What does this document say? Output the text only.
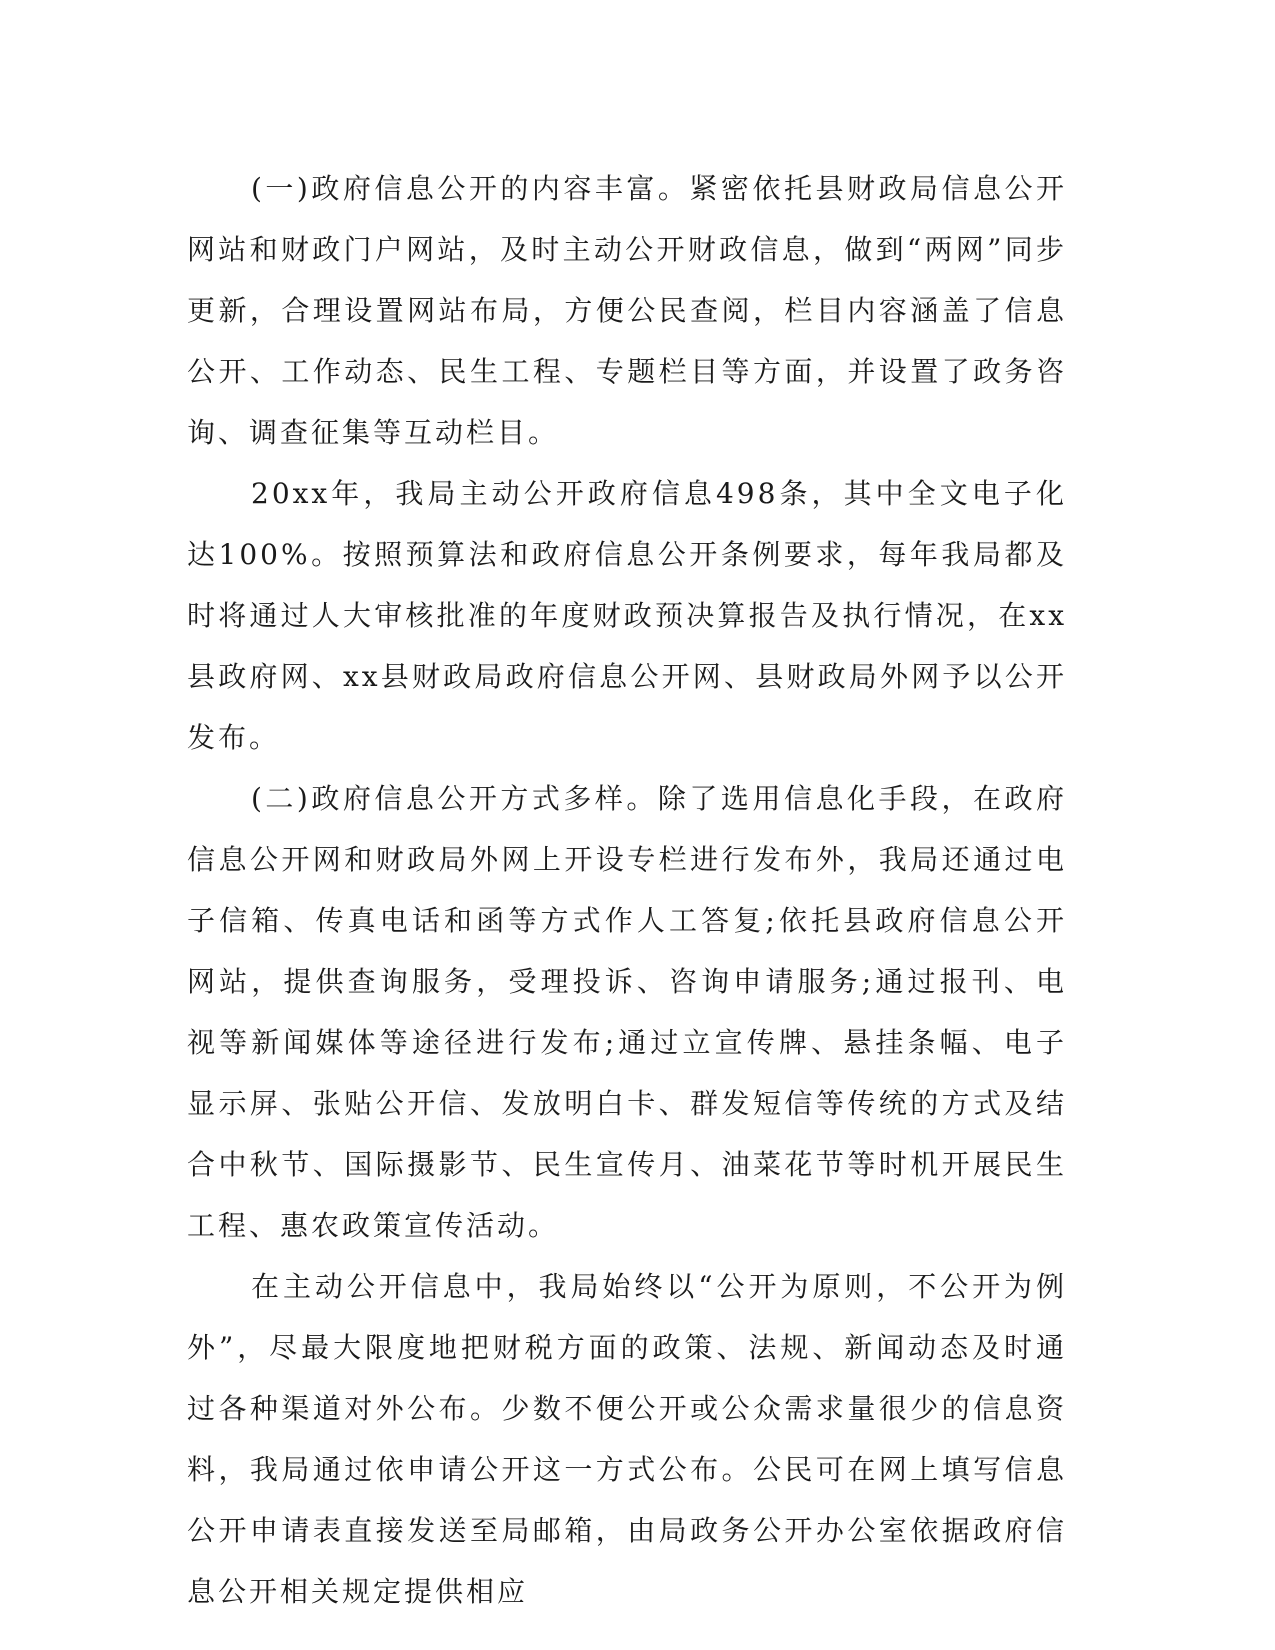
(一)政府信息公开的内容丰富。紧密依托县财政局信息公开网站和财政门户网站，及时主动公开财政信息，做到“两网”同步更新，合理设置网站布局，方便公民查阅，栏目内容涵盖了信息公开、工作动态、民生工程、专题栏目等方面，并设置了政务咨询、调查征集等互动栏目。

20xx年，我局主动公开政府信息498条，其中全文电子化达100%。按照预算法和政府信息公开条例要求，每年我局都及时将通过人大审核批准的年度财政预决算报告及执行情况，在xx县政府网、xx县财政局政府信息公开网、县财政局外网予以公开发布。

(二)政府信息公开方式多样。除了选用信息化手段，在政府信息公开网和财政局外网上开设专栏进行发布外，我局还通过电子信箱、传真电话和函等方式作人工答复;依托县政府信息公开网站，提供查询服务，受理投诉、咨询申请服务;通过报刊、电视等新闻媒体等途径进行发布;通过立宣传牌、悬挂条幅、电子显示屏、张贴公开信、发放明白卡、群发短信等传统的方式及结合中秋节、国际摄影节、民生宣传月、油菜花节等时机开展民生工程、惠农政策宣传活动。

在主动公开信息中，我局始终以“公开为原则，不公开为例外”，尽最大限度地把财税方面的政策、法规、新闻动态及时通过各种渠道对外公布。少数不便公开或公众需求量很少的信息资料，我局通过依申请公开这一方式公布。公民可在网上填写信息公开申请表直接发送至局邮箱，由局政务公开办公室依据政府信息公开相关规定提供相应
